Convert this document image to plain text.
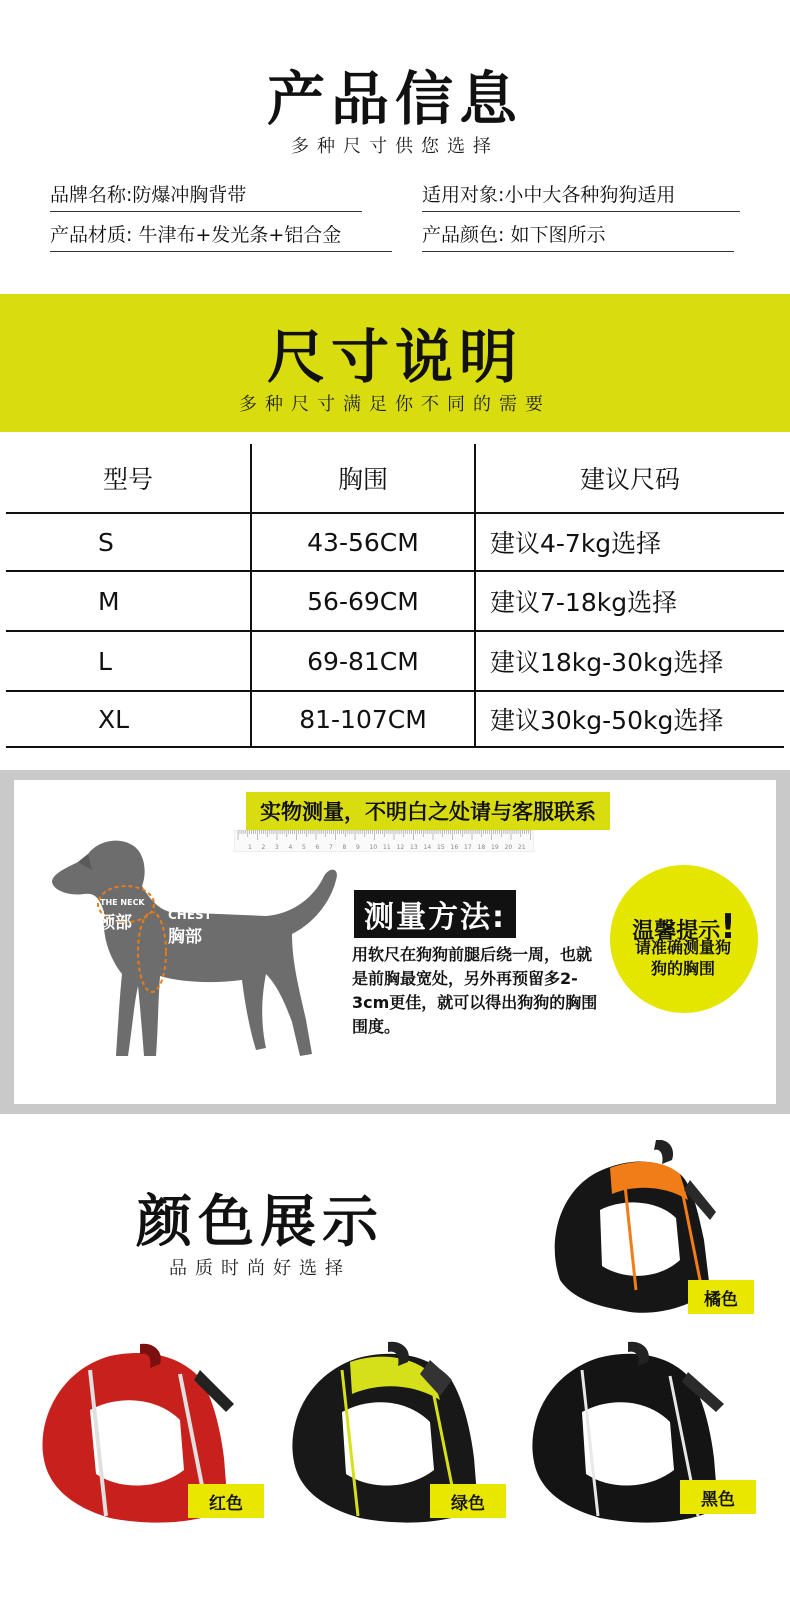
产品信息
多种尺寸供您选择
品牌名称:防爆冲胸背带	适用对象:小中大各种狗狗适用
产品材质: 牛津布+发光条+铝合金	产品颜色: 如下图所示
尺寸说明
多种尺寸满足你不同的需要
型号	胸围	建议尺码
S	43-56CM	建议4-7kg选择
M	56-69CM	建议7-18kg选择
L	69-81CM	建议18kg-30kg选择
XL	81-107CM	建议30kg-50kg选择
实物测量，不明白之处请与客服联系
1 2 3 4 5 6 7 8 9 10 11 12 13 14 15 16 17 18 19 20 21
THE NECK
颈部	CHEST
胸部
测量方法:
用软尺在狗狗前腿后绕一周，也就是前胸最宽处，另外再预留多2-3cm更佳，就可以得出狗狗的胸围围度。
温馨提示!
请准确测量狗狗的胸围
颜色展示
品质时尚好选择
橘色
红色	绿色	黑色
